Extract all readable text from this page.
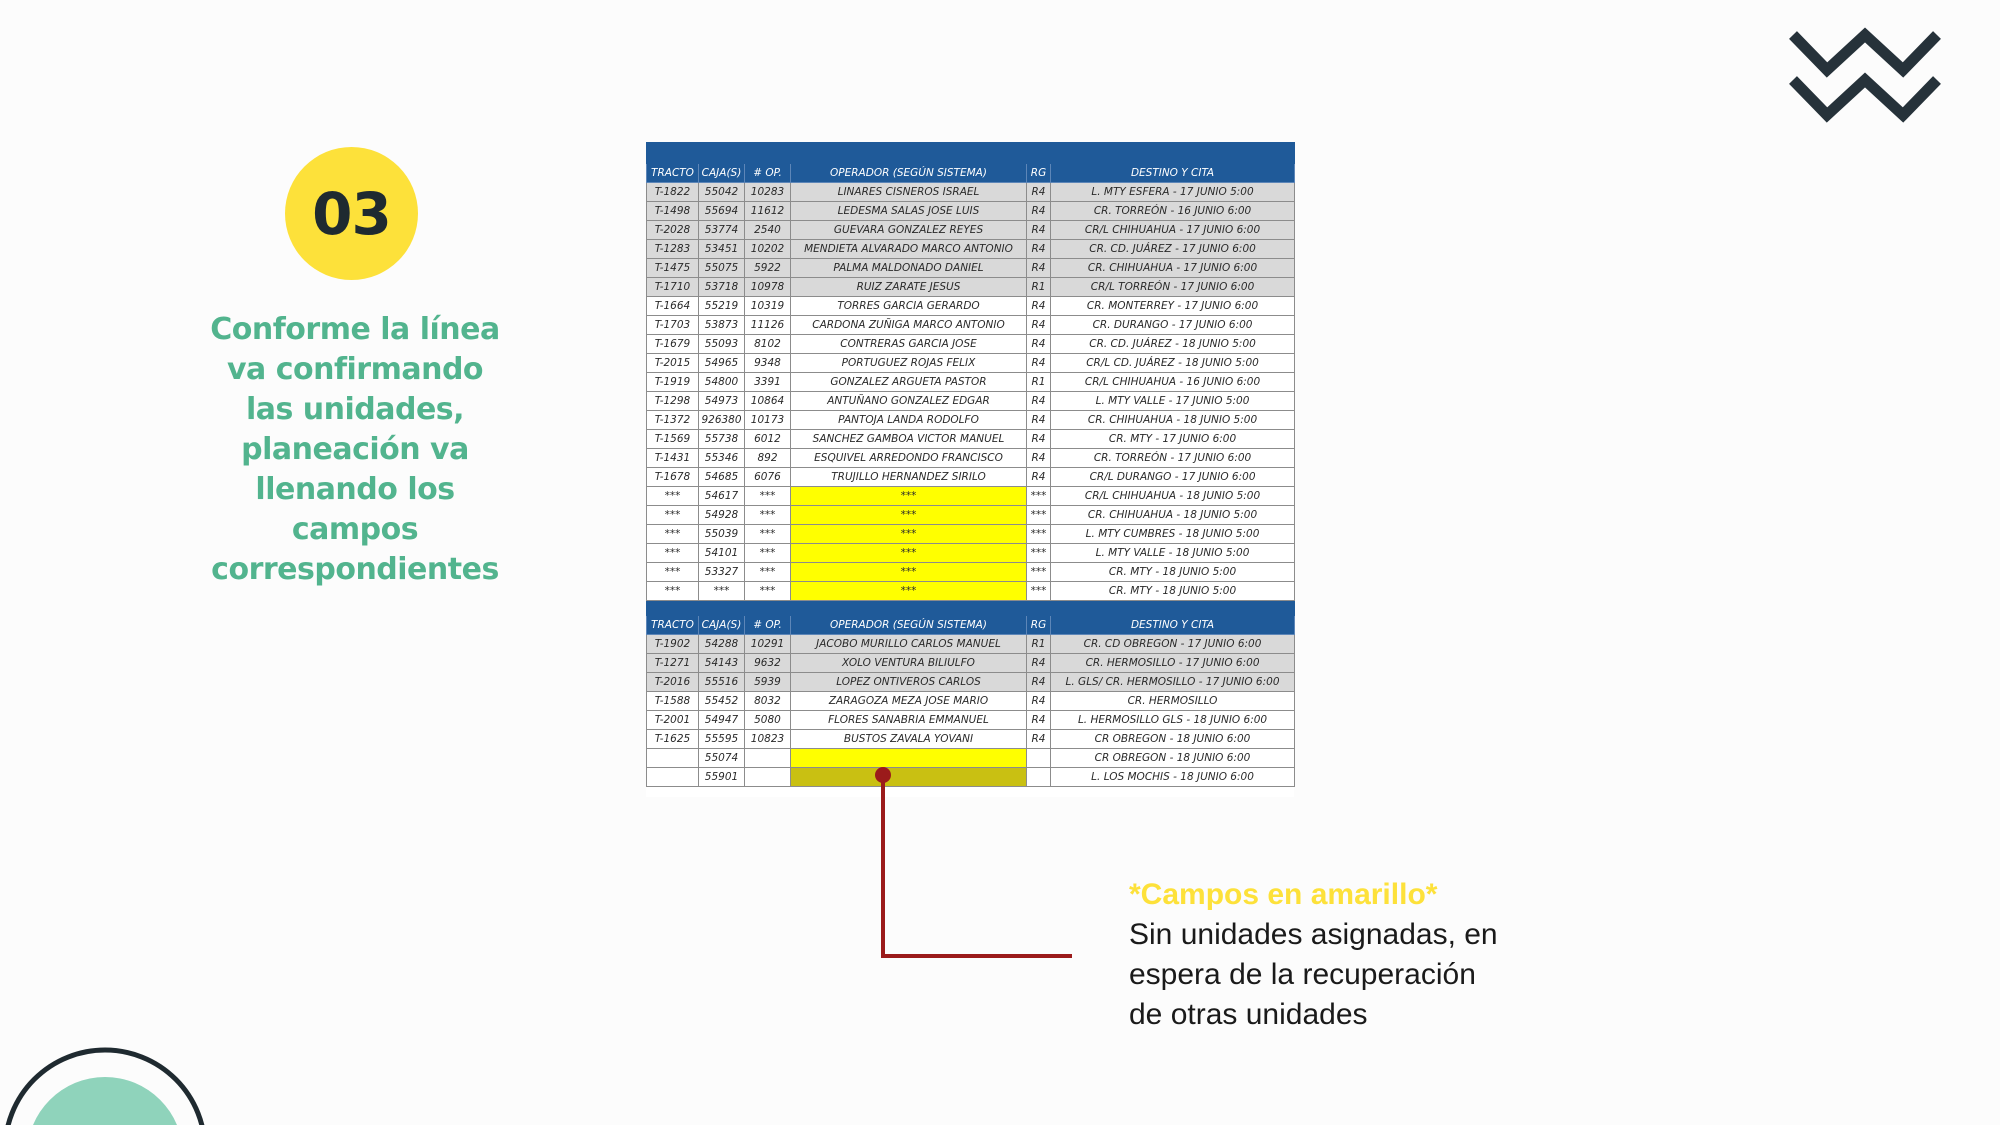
03
Conforme la línea
va confirmando
las unidades,
planeación va
llenando los
campos
correspondientes

TRACTO	CAJA(S)	# OP.	OPERADOR (SEGÚN SISTEMA)	RG	DESTINO Y CITA
T-1822	55042	10283	LINARES CISNEROS ISRAEL	R4	L. MTY ESFERA - 17 JUNIO 5:00
T-1498	55694	11612	LEDESMA SALAS JOSE LUIS	R4	CR. TORREÓN - 16 JUNIO 6:00
T-2028	53774	2540	GUEVARA GONZALEZ REYES	R4	CR/L CHIHUAHUA - 17 JUNIO 6:00
T-1283	53451	10202	MENDIETA ALVARADO MARCO ANTONIO	R4	CR. CD. JUÁREZ - 17 JUNIO 6:00
T-1475	55075	5922	PALMA MALDONADO DANIEL	R4	CR. CHIHUAHUA - 17 JUNIO 6:00
T-1710	53718	10978	RUIZ ZARATE JESUS	R1	CR/L TORREÓN - 17 JUNIO 6:00
T-1664	55219	10319	TORRES GARCIA GERARDO	R4	CR. MONTERREY - 17 JUNIO 6:00
T-1703	53873	11126	CARDONA ZUÑIGA MARCO ANTONIO	R4	CR. DURANGO - 17 JUNIO 6:00
T-1679	55093	8102	CONTRERAS GARCIA JOSE	R4	CR. CD. JUÁREZ - 18 JUNIO 5:00
T-2015	54965	9348	PORTUGUEZ ROJAS FELIX	R4	CR/L CD. JUÁREZ - 18 JUNIO 5:00
T-1919	54800	3391	GONZALEZ ARGUETA PASTOR	R1	CR/L CHIHUAHUA - 16 JUNIO 6:00
T-1298	54973	10864	ANTUÑANO GONZALEZ EDGAR	R4	L. MTY VALLE - 17 JUNIO 5:00
T-1372	926380	10173	PANTOJA LANDA RODOLFO	R4	CR. CHIHUAHUA - 18 JUNIO 5:00
T-1569	55738	6012	SANCHEZ GAMBOA VICTOR MANUEL	R4	CR. MTY - 17 JUNIO 6:00
T-1431	55346	892	ESQUIVEL ARREDONDO FRANCISCO	R4	CR. TORREÓN - 17 JUNIO 6:00
T-1678	54685	6076	TRUJILLO HERNANDEZ SIRILO	R4	CR/L DURANGO - 17 JUNIO 6:00
***	54617	***	***	***	CR/L CHIHUAHUA - 18 JUNIO 5:00
***	54928	***	***	***	CR. CHIHUAHUA - 18 JUNIO 5:00
***	55039	***	***	***	L. MTY CUMBRES - 18 JUNIO 5:00
***	54101	***	***	***	L. MTY VALLE - 18 JUNIO 5:00
***	53327	***	***	***	CR. MTY - 18 JUNIO 5:00
***	***	***	***	***	CR. MTY - 18 JUNIO 5:00

TRACTO	CAJA(S)	# OP.	OPERADOR (SEGÚN SISTEMA)	RG	DESTINO Y CITA
T-1902	54288	10291	JACOBO MURILLO CARLOS MANUEL	R1	CR. CD OBREGON - 17 JUNIO 6:00
T-1271	54143	9632	XOLO VENTURA BILIULFO	R4	CR. HERMOSILLO - 17 JUNIO 6:00
T-2016	55516	5939	LOPEZ ONTIVEROS CARLOS	R4	L. GLS/ CR. HERMOSILLO - 17 JUNIO 6:00
T-1588	55452	8032	ZARAGOZA MEZA JOSE MARIO	R4	CR. HERMOSILLO
T-2001	54947	5080	FLORES SANABRIA EMMANUEL	R4	L. HERMOSILLO GLS - 18 JUNIO 6:00
T-1625	55595	10823	BUSTOS ZAVALA YOVANI	R4	CR OBREGON - 18 JUNIO 6:00
	55074				CR OBREGON - 18 JUNIO 6:00
	55901				L. LOS MOCHIS - 18 JUNIO 6:00
*Campos en amarillo*
Sin unidades asignadas, en
espera de la recuperación
de otras unidades
